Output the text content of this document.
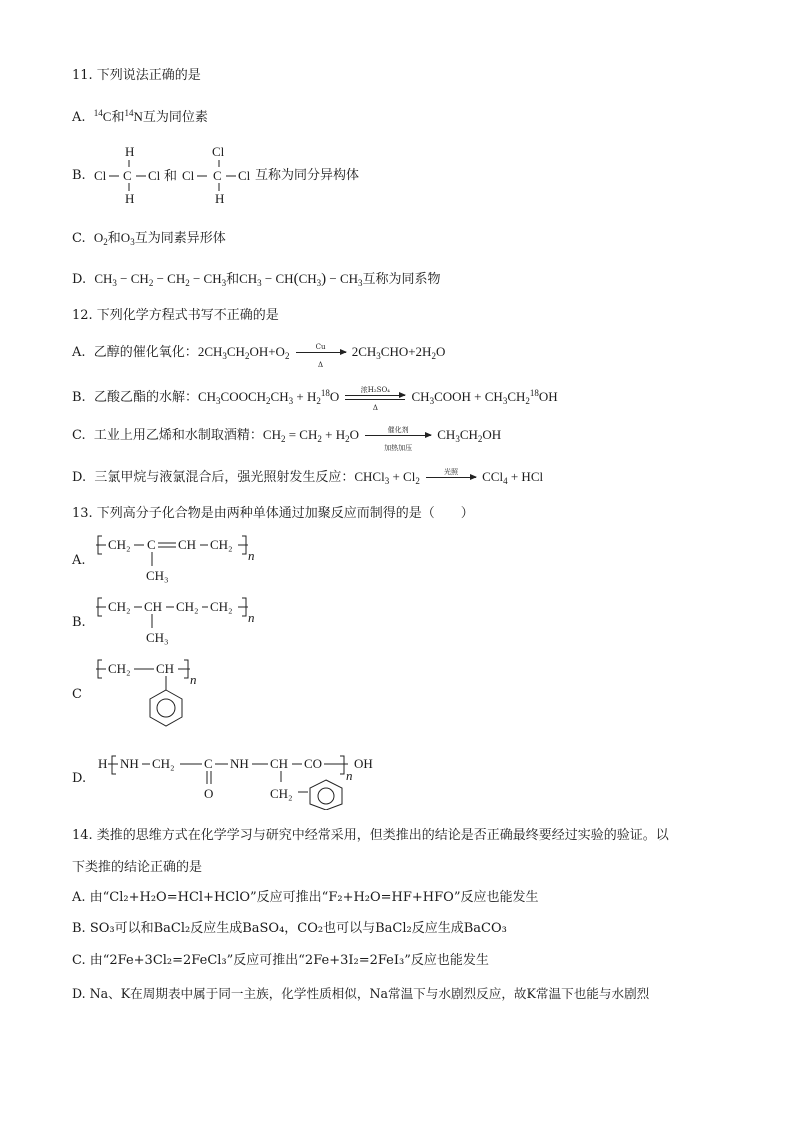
11. 下列说法正确的是
A. $^{14}$C和$^{14}$N互为同位素
B.
H
Cl C Cl
H
和
Cl
Cl C Cl
H
互称为同分异构体
C. $O_2$和$O_3$互为同素异形体
D. $CH_3 - CH_2 - CH_2 - CH_3$和$CH_3 - CH(CH_3) - CH_3$互称为同系物
12. 下列化学方程式书写不正确的是
A. 乙醇的催化氧化：$2CH_3CH_2OH+O_2 \frac{Cu}{\Delta} 2CH_3CHO+2H_2O$
B. 乙酸乙酯的水解：$CH_3COOCH_2CH_3 + H_2^{18}O$	浓H₂SO₄
Δ
$CH_3COOH + CH_3CH_2^{18}OH$
C. 工业上用乙烯和水制取酒精：$CH_2 = CH_2 + H_2O$	催化剂
加热加压
$CH_3CH_2OH$
D. 三氯甲烷与液氯混合后，强光照射发生反应：CHCl$_3$ + $Cl_2$
光照	CCl$_4$ + HCl
13. 下列高分子化合物是由两种单体通过加聚反应而制得的是（　　）
A.
CH₂ C CH CH₂
n
CH₃
B.
CH₂ CH CH₂ CH₂
n
CH₃
C
CH₂ CH
n
D.
H NH CH₂ C
O
NH CH CO
n
OH
CH₂
14. 类推的思维方式在化学学习与研究中经常采用，但类推出的结论是否正确最终要经过实验的验证。以
下类推的结论正确的是
A. 由“Cl₂+H₂O=HCl+HClO”反应可推出“F₂+H₂O=HF+HFO”反应也能发生
B. SO₃可以和BaCl₂反应生成BaSO₄，CO₂也可以与BaCl₂反应生成BaCO₃
C. 由“2Fe+3Cl₂=2FeCl₃”反应可推出“2Fe+3I₂=2FeI₃”反应也能发生
D. Na、K在周期表中属于同一主族，化学性质相似，Na常温下与水剧烈反应，故K常温下也能与水剧烈
